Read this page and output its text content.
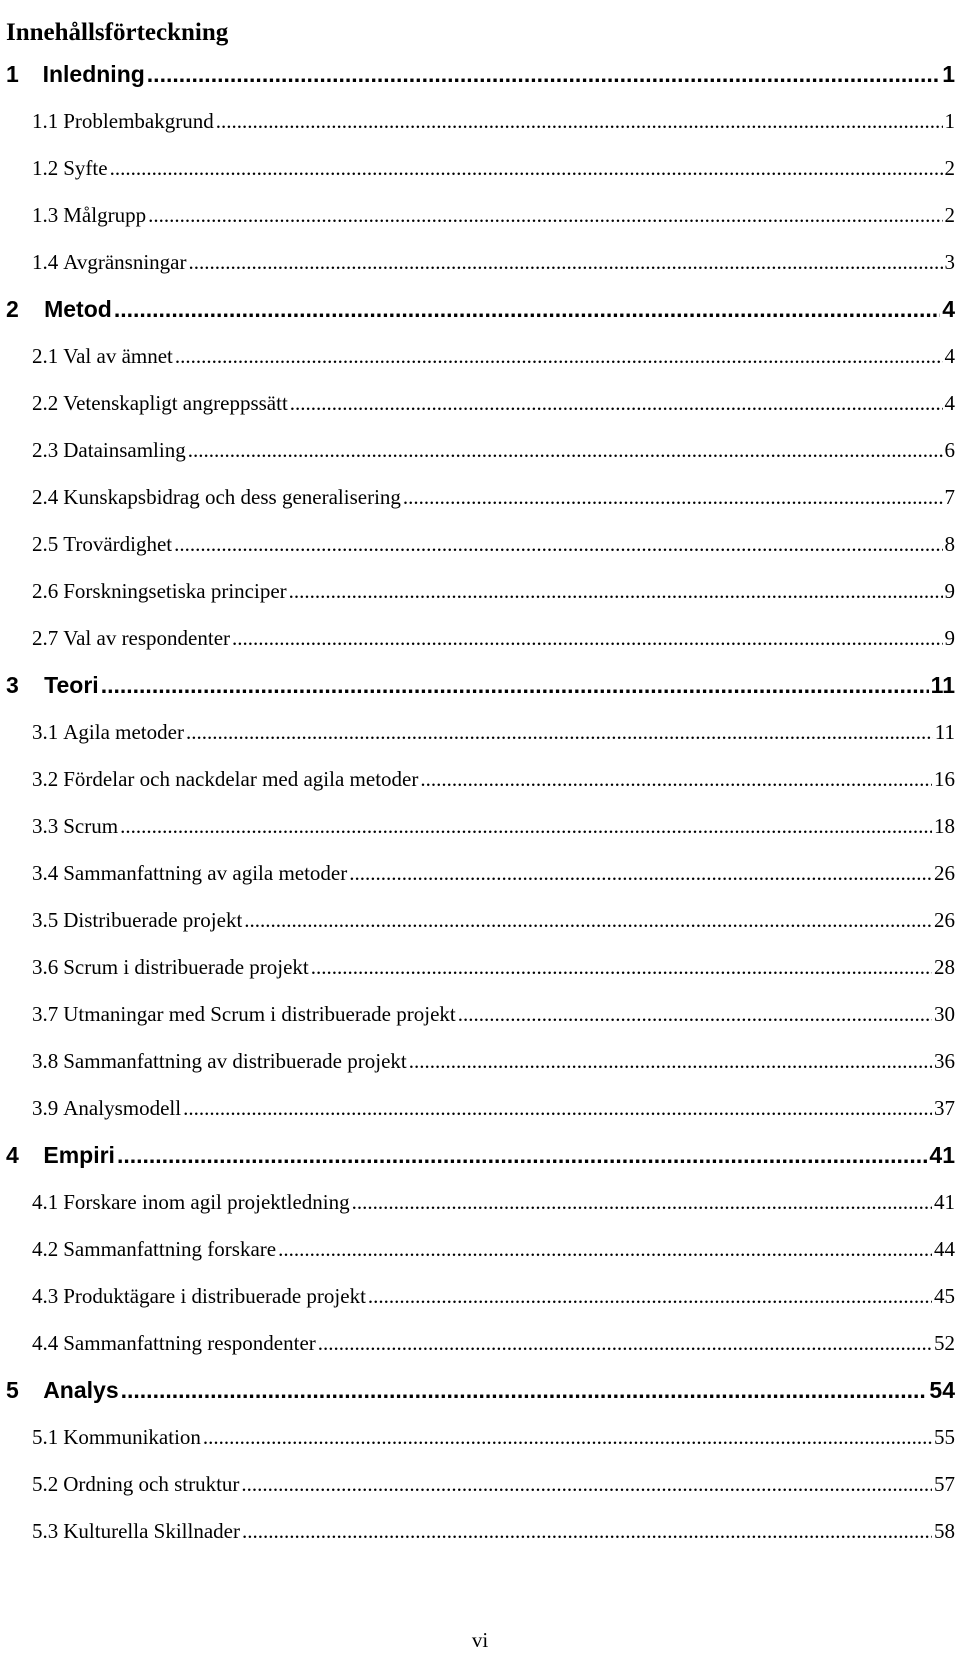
Innehållsförteckning
1	Inledning .....	1
1.1 Problembakgrund .....	1
1.2 Syfte .....	2
1.3 Målgrupp .....	2
1.4 Avgränsningar .....	3
2	Metod .....	4
2.1 Val av ämnet .....	4
2.2 Vetenskapligt angreppssätt .....	4
2.3 Datainsamling .....	6
2.4 Kunskapsbidrag och dess generalisering .....	7
2.5 Trovärdighet .....	8
2.6 Forskningsetiska principer .....	9
2.7 Val av respondenter .....	9
3	Teori .....	11
3.1 Agila metoder .....	11
3.2 Fördelar och nackdelar med agila metoder .....	16
3.3 Scrum .....	18
3.4 Sammanfattning av agila metoder .....	26
3.5 Distribuerade projekt .....	26
3.6 Scrum i distribuerade projekt .....	28
3.7 Utmaningar med Scrum i distribuerade projekt .....	30
3.8 Sammanfattning av distribuerade projekt .....	36
3.9 Analysmodell .....	37
4	Empiri .....	41
4.1 Forskare inom agil projektledning .....	41
4.2 Sammanfattning forskare .....	44
4.3 Produktägare i distribuerade projekt .....	45
4.4 Sammanfattning respondenter .....	52
5	Analys .....	54
5.1 Kommunikation .....	55
5.2 Ordning och struktur .....	57
5.3 Kulturella Skillnader .....	58
vi
